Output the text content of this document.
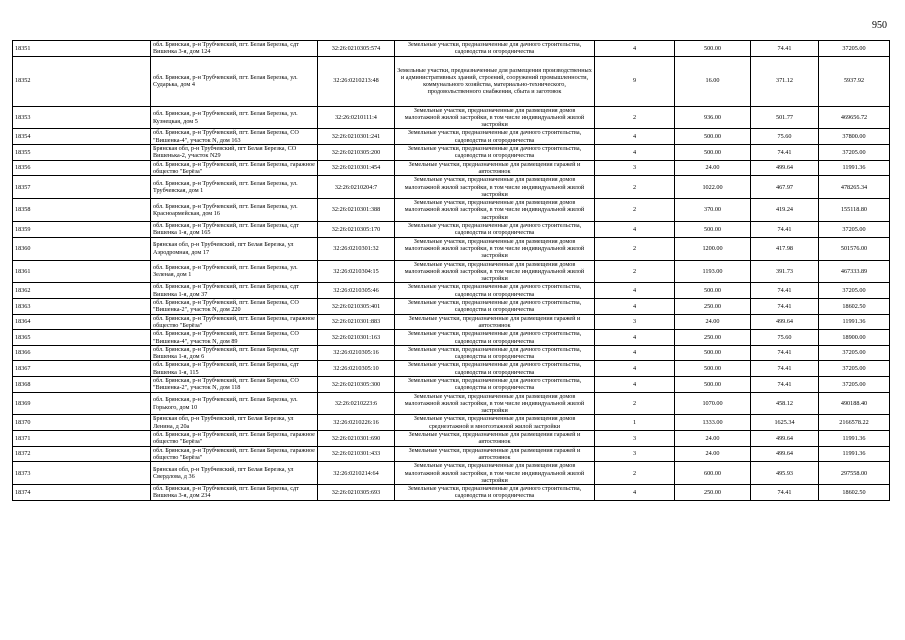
950
18351		обл. Брянская, р-н Трубчевский, пгт. Белая Березка, сдт Вишенка 3-я, дом 124	32:26:0210305:574	Земельные участки, предназначенные для дачного строительства, садоводства и огородничества	4	500.00	74.41	37205.00
18352		обл. Брянская, р-н Трубчевский, пгт. Белая Березка, ул. Сударька, дом 4	32:26:0210213:48	Земельные участки, предназначенные для размещения производственных и административных зданий, строений, сооружений промышленности, коммунального хозяйства, материально-технического, продовольственного снабжения, сбыта и заготовок	9	16.00	371.12	5937.92
18353		обл. Брянская, р-н Трубчевский, пгт. Белая Березка, ул. Кузнецкая, дом 5	32:26:0210111:4	Земельные участки, предназначенные для размещения домов малоэтажной жилой застройки, в том числе индивидуальной жилой застройки	2	936.00	501.77	469656.72
18354		обл. Брянская, р-н Трубчевский, пгт. Белая Березка, СО "Вишенка-4", участок N, дом 163	32:26:0210301:241	Земельные участки, предназначенные для дачного строительства, садоводства и огородничества	4	500.00	75.60	37800.00
18355		Брянская обл, р-н Трубчевский, пгт Белая Березка, СО Вишенька-2, участок N29	32:26:0210305:200	Земельные участки, предназначенные для дачного строительства, садоводства и огородничества	4	500.00	74.41	37205.00
18356		обл. Брянская, р-н Трубчевский, пгт. Белая Березка, гаражное общество "Берёза"	32:26:0210301:454	Земельные участки, предназначенные для размещения гаражей и автостоянок	3	24.00	499.64	11991.36
18357		обл. Брянская, р-н Трубчевский, пгт. Белая Березка, ул. Трубчевская, дом 1	32:26:0210204:7	Земельные участки, предназначенные для размещения домов малоэтажной жилой застройки, в том числе индивидуальной жилой застройки	2	1022.00	467.97	478265.34
18358		обл. Брянская, р-н Трубчевский, пгт. Белая Березка, ул. Красноармейская, дом 16	32:26:0210301:388	Земельные участки, предназначенные для размещения домов малоэтажной жилой застройки, в том числе индивидуальной жилой застройки	2	370.00	419.24	155118.80
18359		обл. Брянская, р-н Трубчевский, пгт. Белая Березка, сдт Вишенка 1-я, дом 165	32:26:0210305:170	Земельные участки, предназначенные для дачного строительства, садоводства и огородничества	4	500.00	74.41	37205.00
18360		Брянская обл, р-н Трубчевский, пгт Белая Березка, ул Аэродромная, дом 17	32:26:0210301:32	Земельные участки, предназначенные для размещения домов малоэтажной жилой застройки, в том числе индивидуальной жилой застройки	2	1200.00	417.98	501576.00
18361		обл. Брянская, р-н Трубчевский, пгт. Белая Березка, ул. Зеленая, дом 1	32:26:0210304:15	Земельные участки, предназначенные для размещения домов малоэтажной жилой застройки, в том числе индивидуальной жилой застройки	2	1193.00	391.73	467333.89
18362		обл. Брянская, р-н Трубчевский, пгт. Белая Березка, сдт Вишенка 1-я, дом 37	32:26:0210305:46	Земельные участки, предназначенные для дачного строительства, садоводства и огородничества	4	500.00	74.41	37205.00
18363		обл. Брянская, р-н Трубчевский, пгт. Белая Березка, СО "Вишенка-2", участок N, дом 220	32:26:0210305:401	Земельные участки, предназначенные для дачного строительства, садоводства и огородничества	4	250.00	74.41	18602.50
18364		обл. Брянская, р-н Трубчевский, пгт. Белая Березка, гаражное общество "Берёза"	32:26:0210301:883	Земельные участки, предназначенные для размещения гаражей и автостоянок	3	24.00	499.64	11991.36
18365		обл. Брянская, р-н Трубчевский, пгт. Белая Березка, СО "Вишенка-4", участок N, дом 89	32:26:0210301:163	Земельные участки, предназначенные для дачного строительства, садоводства и огородничества	4	250.00	75.60	18900.00
18366		обл. Брянская, р-н Трубчевский, пгт. Белая Березка, сдт Вишенка 1-я, дом 6	32:26:0210305:16	Земельные участки, предназначенные для дачного строительства, садоводства и огородничества	4	500.00	74.41	37205.00
18367		обл. Брянская, р-н Трубчевский, пгт. Белая Березка, сдт Вишенка 1-я, 115	32:26:0210305:10	Земельные участки, предназначенные для дачного строительства, садоводства и огородничества	4	500.00	74.41	37205.00
18368		обл. Брянская, р-н Трубчевский, пгт. Белая Березка, СО "Вишенка-2", участок N, дом 118	32:26:0210305:300	Земельные участки, предназначенные для дачного строительства, садоводства и огородничества	4	500.00	74.41	37205.00
18369		обл. Брянская, р-н Трубчевский, пгт. Белая Березка, ул. Горького, дом 10	32:26:0210223:6	Земельные участки, предназначенные для размещения домов малоэтажной жилой застройки, в том числе индивидуальной жилой застройки	2	1070.00	458.12	490188.40
18370		Брянская обл, р-н Трубчевский, пгт Белая Березка, ул Ленина, д 20а	32:26:0210226:16	Земельные участки, предназначенные для размещения домов среднеэтажной и многоэтажной жилой застройки	1	1333.00	1625.34	2166578.22
18371		обл. Брянская, р-н Трубчевский, пгт. Белая Березка, гаражное общество "Берёза"	32:26:0210301:690	Земельные участки, предназначенные для размещения гаражей и автостоянок	3	24.00	499.64	11991.36
18372		обл. Брянская, р-н Трубчевский, пгт. Белая Березка, гаражное общество "Берёза"	32:26:0210301:433	Земельные участки, предназначенные для размещения гаражей и автостоянок	3	24.00	499.64	11991.36
18373		Брянская обл, р-н Трубчевский, пгт Белая Березка, ул Свердлова, д 36	32:26:0210214:64	Земельные участки, предназначенные для размещения домов малоэтажной жилой застройки, в том числе индивидуальной жилой застройки	2	600.00	495.93	297558.00
18374		обл. Брянская, р-н Трубчевский, пгт. Белая Березка, сдт Вишенка 3-я, дом 234	32:26:0210305:693	Земельные участки, предназначенные для дачного строительства, садоводства и огородничества	4	250.00	74.41	18602.50
